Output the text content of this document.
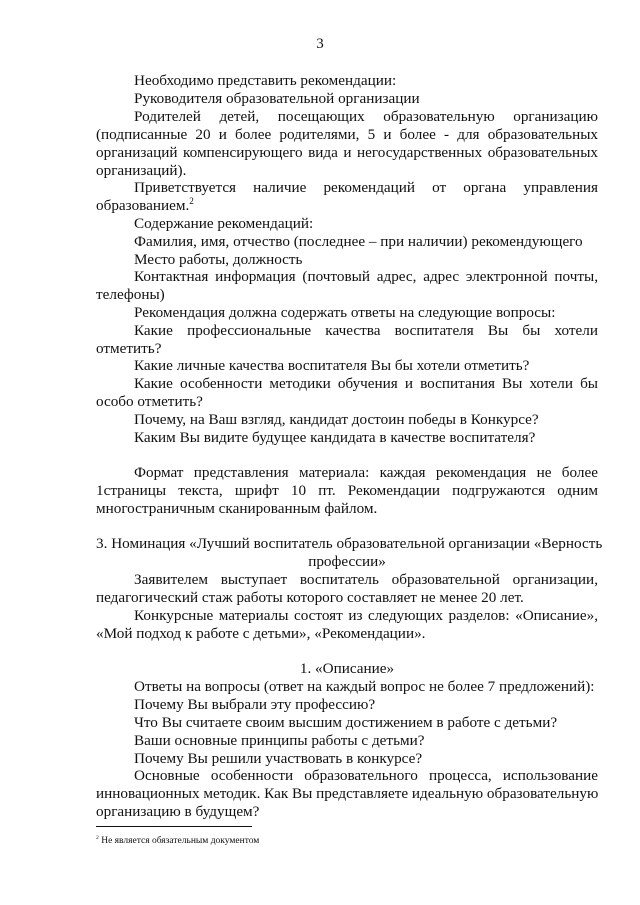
3
Необходимо представить рекомендации:
Руководителя образовательной организации
Родителей детей, посещающих образовательную организацию
(подписанные 20 и более родителями, 5 и более - для образовательных
организаций компенсирующего вида и негосударственных образовательных
организаций).
Приветствуется наличие рекомендаций от органа управления
образованием.$^2$
Содержание рекомендаций:
Фамилия, имя, отчество (последнее – при наличии) рекомендующего
Место работы, должность
Контактная информация (почтовый адрес, адрес электронной почты,
телефоны)
Рекомендация должна содержать ответы на следующие вопросы:
Какие профессиональные качества воспитателя Вы бы хотели
отметить?
Какие личные качества воспитателя Вы бы хотели отметить?
Какие особенности методики обучения и воспитания Вы хотели бы
особо отметить?
Почему, на Ваш взгляд, кандидат достоин победы в Конкурсе?
Каким Вы видите будущее кандидата в качестве воспитателя?
Формат представления материала: каждая рекомендация не более
1страницы текста, шрифт 10 пт. Рекомендации подгружаются одним
многостраничным сканированным файлом.
3. Номинация «Лучший воспитатель образовательной организации «Верность
профессии»
Заявителем выступает воспитатель образовательной организации,
педагогический стаж работы которого составляет не менее 20 лет.
Конкурсные материалы состоят из следующих разделов: «Описание»,
«Мой подход к работе с детьми», «Рекомендации».
1. «Описание»
Ответы на вопросы (ответ на каждый вопрос не более 7 предложений):
Почему Вы выбрали эту профессию?
Что Вы считаете своим высшим достижением в работе с детьми?
Ваши основные принципы работы с детьми?
Почему Вы решили участвовать в конкурсе?
Основные особенности образовательного процесса, использование
инновационных методик. Как Вы представляете идеальную образовательную
организацию в будущем?
$^2$ Не является обязательным документом
